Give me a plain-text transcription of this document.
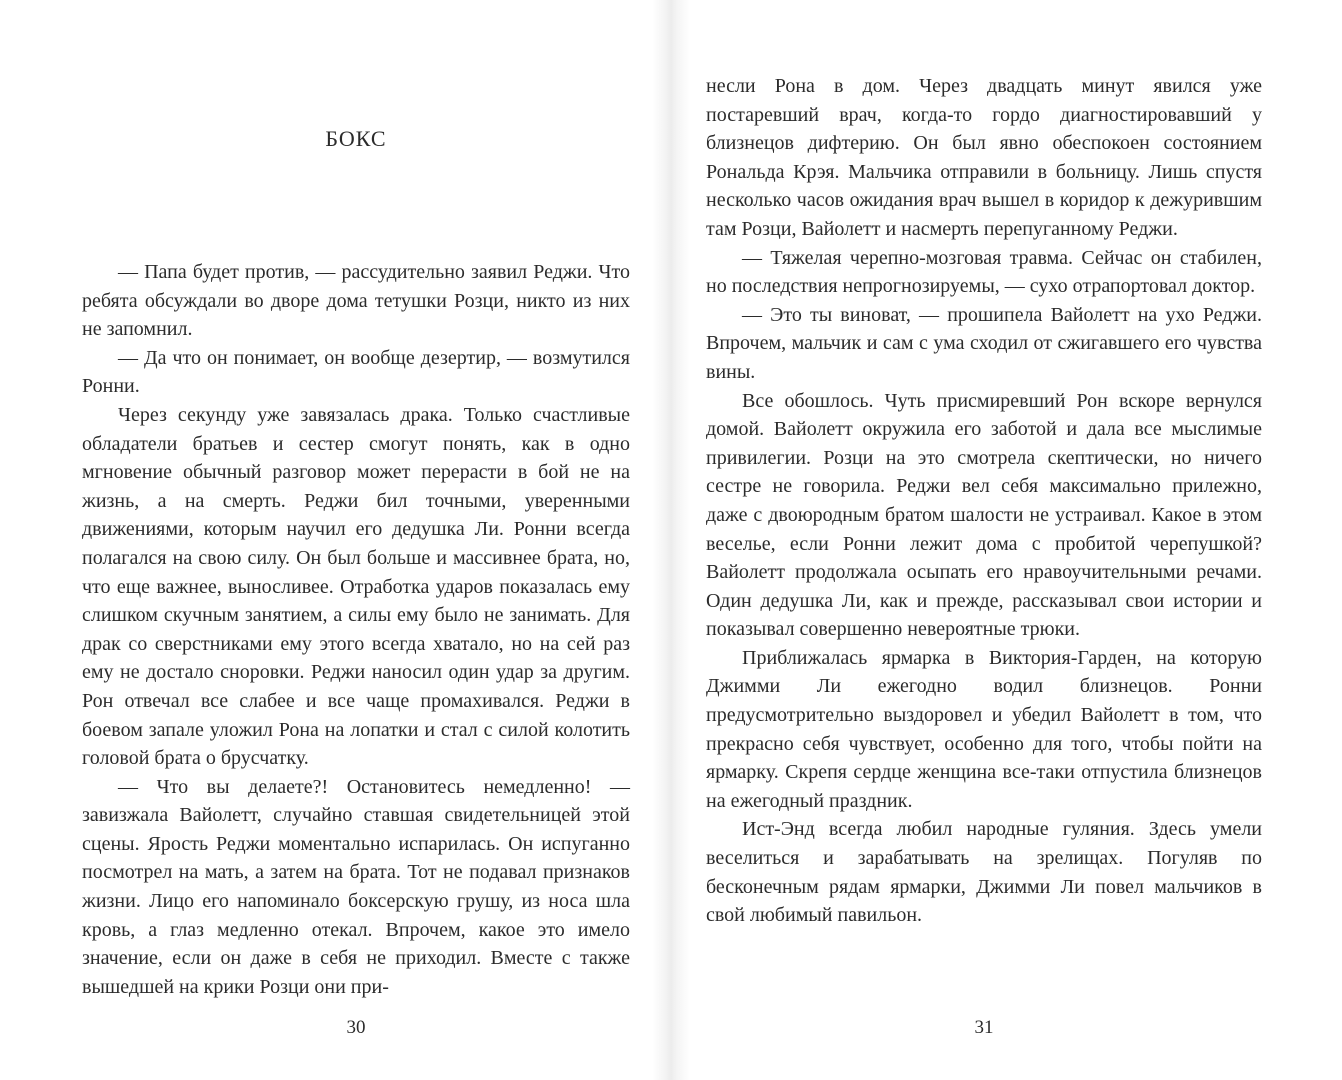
БОКС

— Папа будет против, — рассудительно заявил Реджи. Что ребята обсуждали во дворе дома тетушки Розци, никто из них не запомнил.

— Да что он понимает, он вообще дезертир, — возмутился Ронни.

Через секунду уже завязалась драка. Только счастливые обладатели братьев и сестер смогут понять, как в одно мгновение обычный разговор может перерасти в бой не на жизнь, а на смерть. Реджи бил точными, уверенными движениями, которым научил его дедушка Ли. Ронни всегда полагался на свою силу. Он был больше и массивнее брата, но, что еще важнее, выносливее. Отработка ударов показалась ему слишком скучным занятием, а силы ему было не занимать. Для драк со сверстниками ему этого всегда хватало, но на сей раз ему не достало сноровки. Реджи наносил один удар за другим. Рон отвечал все слабее и все чаще промахивался. Реджи в боевом запале уложил Рона на лопатки и стал с силой колотить головой брата о брусчатку.

— Что вы делаете?! Остановитесь немедленно! — завизжала Вайолетт, случайно ставшая свидетельницей этой сцены. Ярость Реджи моментально испарилась. Он испуганно посмотрел на мать, а затем на брата. Тот не подавал признаков жизни. Лицо его напоминало боксерскую грушу, из носа шла кровь, а глаз медленно отекал. Впрочем, какое это имело значение, если он даже в себя не приходил. Вместе с также вышедшей на крики Розци они при-

30

несли Рона в дом. Через двадцать минут явился уже постаревший врач, когда-то гордо диагностировавший у близнецов дифтерию. Он был явно обеспокоен состоянием Рональда Крэя. Мальчика отправили в больницу. Лишь спустя несколько часов ожидания врач вышел в коридор к дежурившим там Розци, Вайолетт и насмерть перепуганному Реджи.

— Тяжелая черепно-мозговая травма. Сейчас он стабилен, но последствия непрогнозируемы, — сухо отрапортовал доктор.

— Это ты виноват, — прошипела Вайолетт на ухо Реджи. Впрочем, мальчик и сам с ума сходил от сжигавшего его чувства вины.

Все обошлось. Чуть присмиревший Рон вскоре вернулся домой. Вайолетт окружила его заботой и дала все мыслимые привилегии. Розци на это смотрела скептически, но ничего сестре не говорила. Реджи вел себя максимально прилежно, даже с двоюродным братом шалости не устраивал. Какое в этом веселье, если Ронни лежит дома с пробитой черепушкой? Вайолетт продолжала осыпать его нравоучительными речами. Один дедушка Ли, как и прежде, рассказывал свои истории и показывал совершенно невероятные трюки.

Приближалась ярмарка в Виктория-Гарден, на которую Джимми Ли ежегодно водил близнецов. Ронни предусмотрительно выздоровел и убедил Вайолетт в том, что прекрасно себя чувствует, особенно для того, чтобы пойти на ярмарку. Скрепя сердце женщина все-таки отпустила близнецов на ежегодный праздник.

Ист-Энд всегда любил народные гуляния. Здесь умели веселиться и зарабатывать на зрелищах. Погуляв по бесконечным рядам ярмарки, Джимми Ли повел мальчиков в свой любимый павильон.

31
